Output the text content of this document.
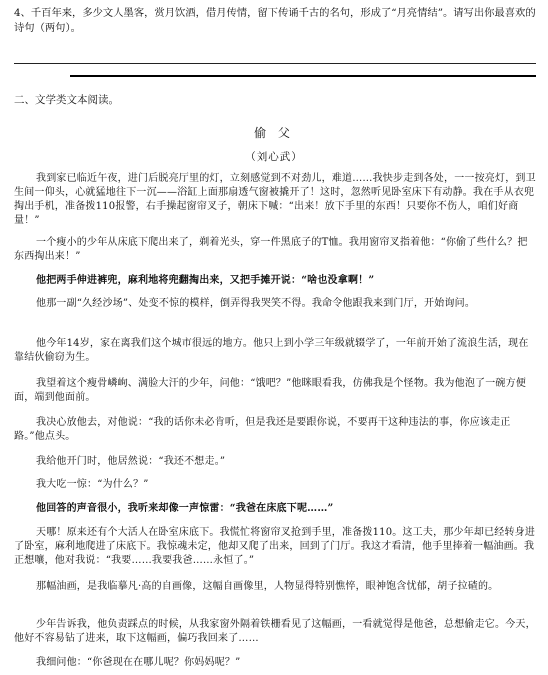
4、千百年来，多少文人墨客，赏月饮酒，借月传情，留下传诵千古的名句，形成了“月亮情结”。请写出你最喜欢的诗句（两句）。
二、文学类文本阅读。
偷 父
（刘心武）
我到家已临近午夜，进门后脱亮厅里的灯，立刻感觉到不对劲儿，难道……我快步走到各处，一一按亮灯，到卫生间一仰头，心就猛地往下一沉——浴缸上面那扇透气窗被撬开了！这时，忽然听见卧室床下有动静。我在手从衣兜掏出手机，准备拨110报警，右手操起窗帘叉子，朝床下喊：“出来！放下手里的东西！只要你不伤人，咱们好商量！”
一个瘦小的少年从床底下爬出来了，剃着光头，穿一件黑底子的T恤。我用窗帘叉指着他：“你偷了些什么？把东西掏出来！”
他把两手伸进裤兜，麻利地将兜翻掏出来，又把手摊开说：“啥也没拿啊！”
他那一副“久经沙场”、处变不惊的模样，倒弄得我哭笑不得。我命令他跟我来到门厅，开始询问。
他今年14岁，家在离我们这个城市很远的地方。他只上到小学三年级就辍学了，一年前开始了流浪生活，现在靠结伙偷窃为生。
我望着这个瘦骨嶙峋、满脸大汗的少年，问他：“饿吧？”他眯眼看我，仿佛我是个怪物。我为他泡了一碗方便面，端到他面前。
我决心放他去，对他说：“我的话你未必肯听，但是我还是要跟你说，不要再干这种违法的事，你应该走正路。”他点头。
我给他开门时，他居然说：“我还不想走。”
我大吃一惊：“为什么？”
他回答的声音很小，我听来却像一声惊雷：“我爸在床底下呢……”
天哪！原来还有个大活人在卧室床底下。我慌忙将窗帘叉抢到手里，准备拨110。这工夫，那少年却已经转身进了卧室，麻利地爬进了床底下。我惊魂未定，他却又爬了出来，回到了门厅。我这才看清，他手里捧着一幅油画。我正想嚷，他对我说：“我要……我要我爸……永恒了。”
那幅油画，是我临摹凡·高的自画像，这幅自画像里，人物显得特别憔悴，眼神饱含忧郁，胡子拉碴的。
少年告诉我，他负责踩点的时候，从我家窗外隔着铁栅看见了这幅画，一看就觉得是他爸，总想偷走它。今天，他好不容易钻了进来，取下这幅画，偏巧我回来了……
我细问他：“你爸现在在哪儿呢？你妈妈呢？”
